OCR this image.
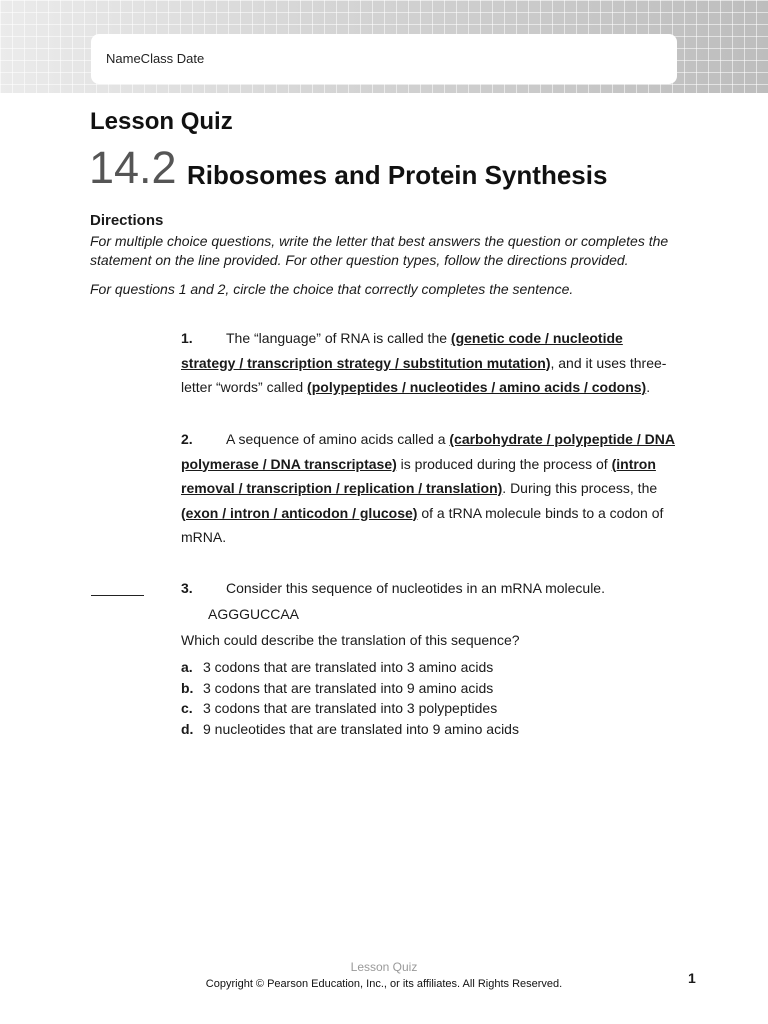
NameClass Date
Lesson Quiz
14.2 Ribosomes and Protein Synthesis
Directions

For multiple choice questions, write the letter that best answers the question or completes the statement on the line provided. For other question types, follow the directions provided.

For questions 1 and 2, circle the choice that correctly completes the sentence.

1. The “language” of RNA is called the (genetic code / nucleotide strategy / transcription strategy / substitution mutation), and it uses three-letter “words” called (polypeptides / nucleotides / amino acids / codons).

2. A sequence of amino acids called a (carbohydrate / polypeptide / DNA polymerase / DNA transcriptase) is produced during the process of (intron removal / transcription / replication / translation). During this process, the (exon / intron / anticodon / glucose) of a tRNA molecule binds to a codon of mRNA.

3. Consider this sequence of nucleotides in an mRNA molecule.
AGGGUCCAA
Which could describe the translation of this sequence?
a. 3 codons that are translated into 3 amino acids
b. 3 codons that are translated into 9 amino acids
c. 3 codons that are translated into 3 polypeptides
d. 9 nucleotides that are translated into 9 amino acids
Lesson Quiz
Copyright © Pearson Education, Inc., or its affiliates. All Rights Reserved.	1
